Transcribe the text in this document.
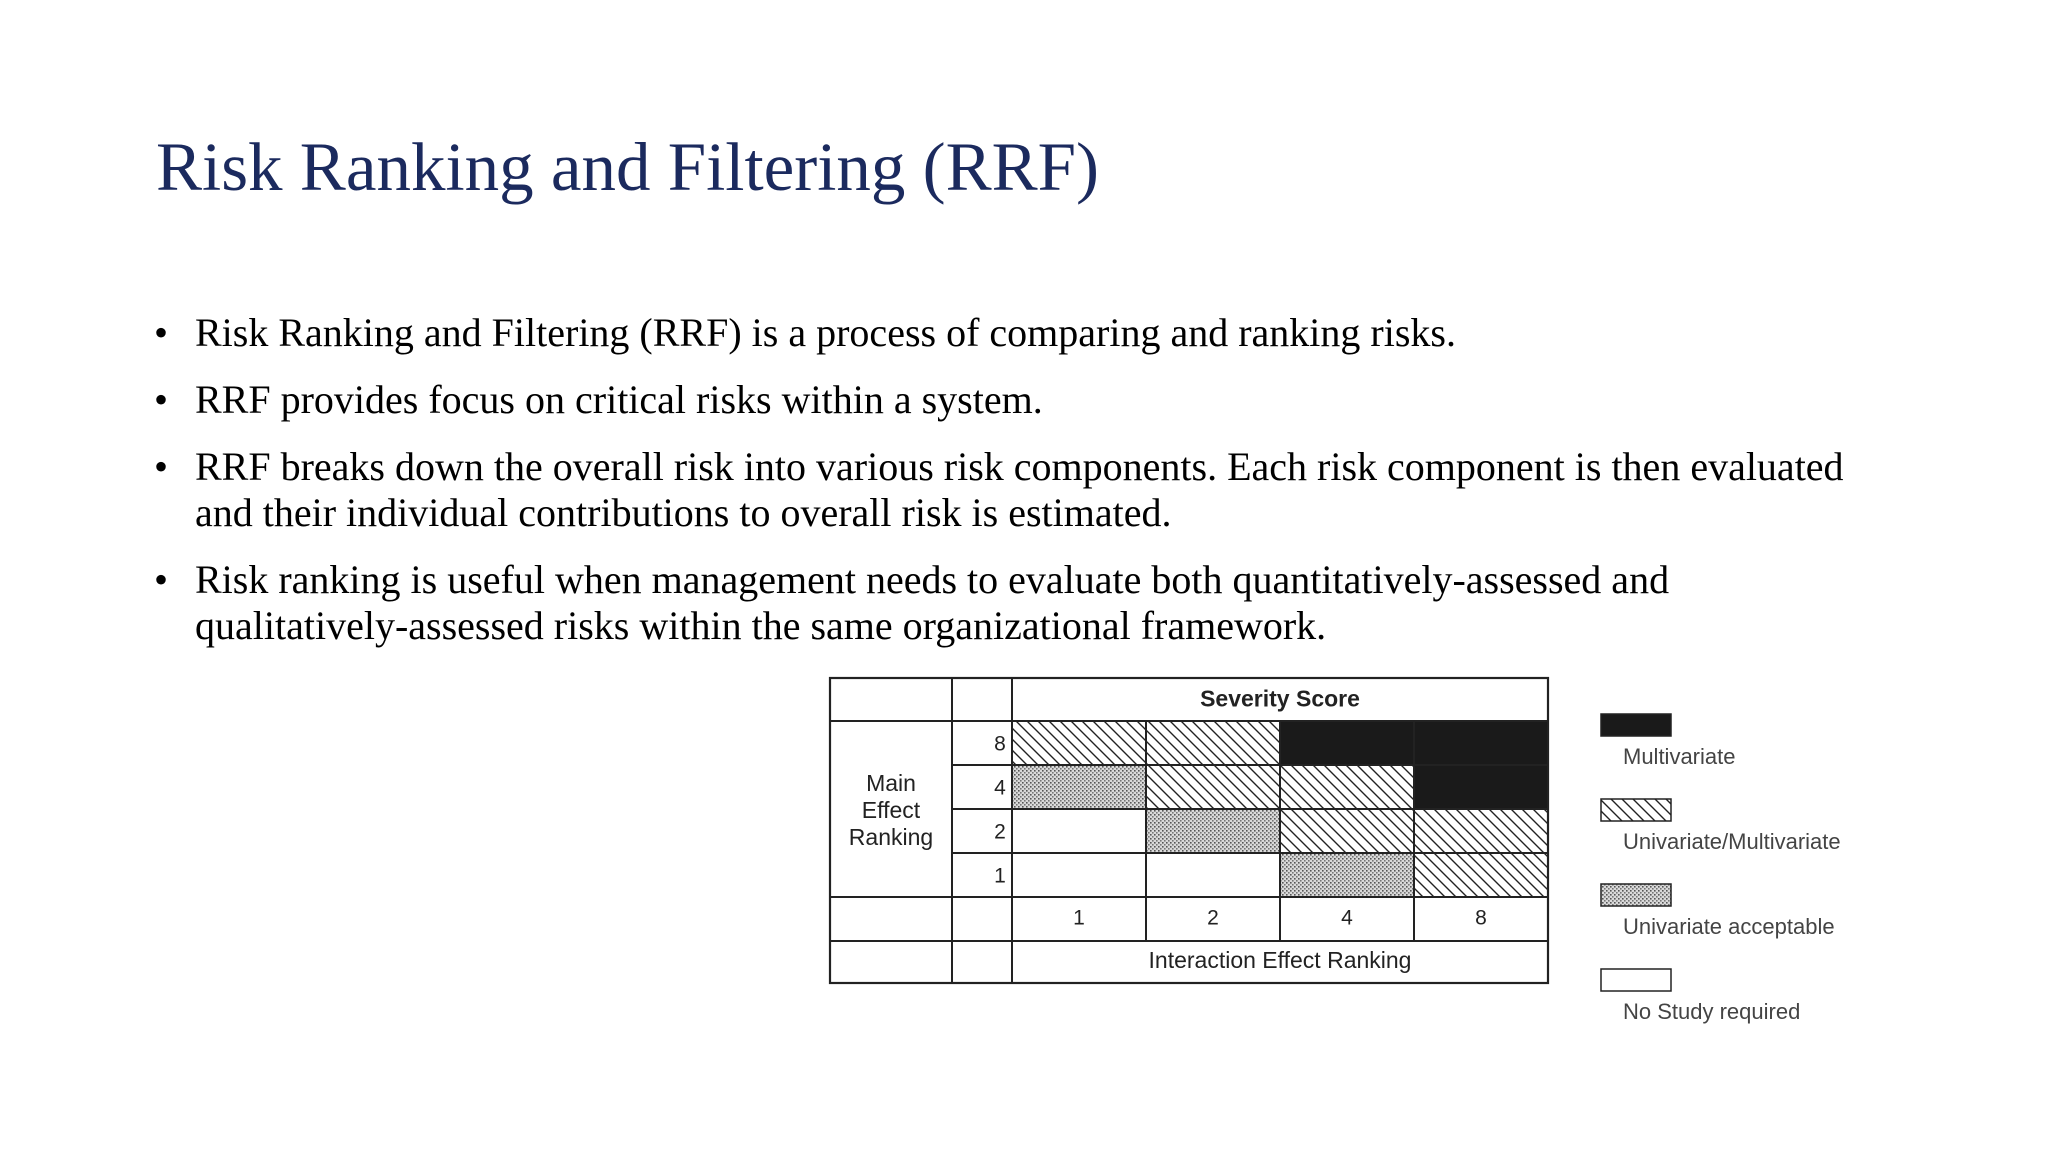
Risk Ranking and Filtering (RRF)
• Risk Ranking and Filtering (RRF) is a process of comparing and ranking risks.
• RRF provides focus on critical risks within a system.
• RRF breaks down the overall risk into various risk components. Each risk component is then evaluated and their individual contributions to overall risk is estimated.
• Risk ranking is useful when management needs to evaluate both quantitatively-assessed and qualitatively-assessed risks within the same organizational framework.
Severity Score
Main
Effect
Ranking
8
4
2
1
1	2	4	8
Interaction Effect Ranking
Multivariate
Univariate/Multivariate
Univariate acceptable
No Study required
